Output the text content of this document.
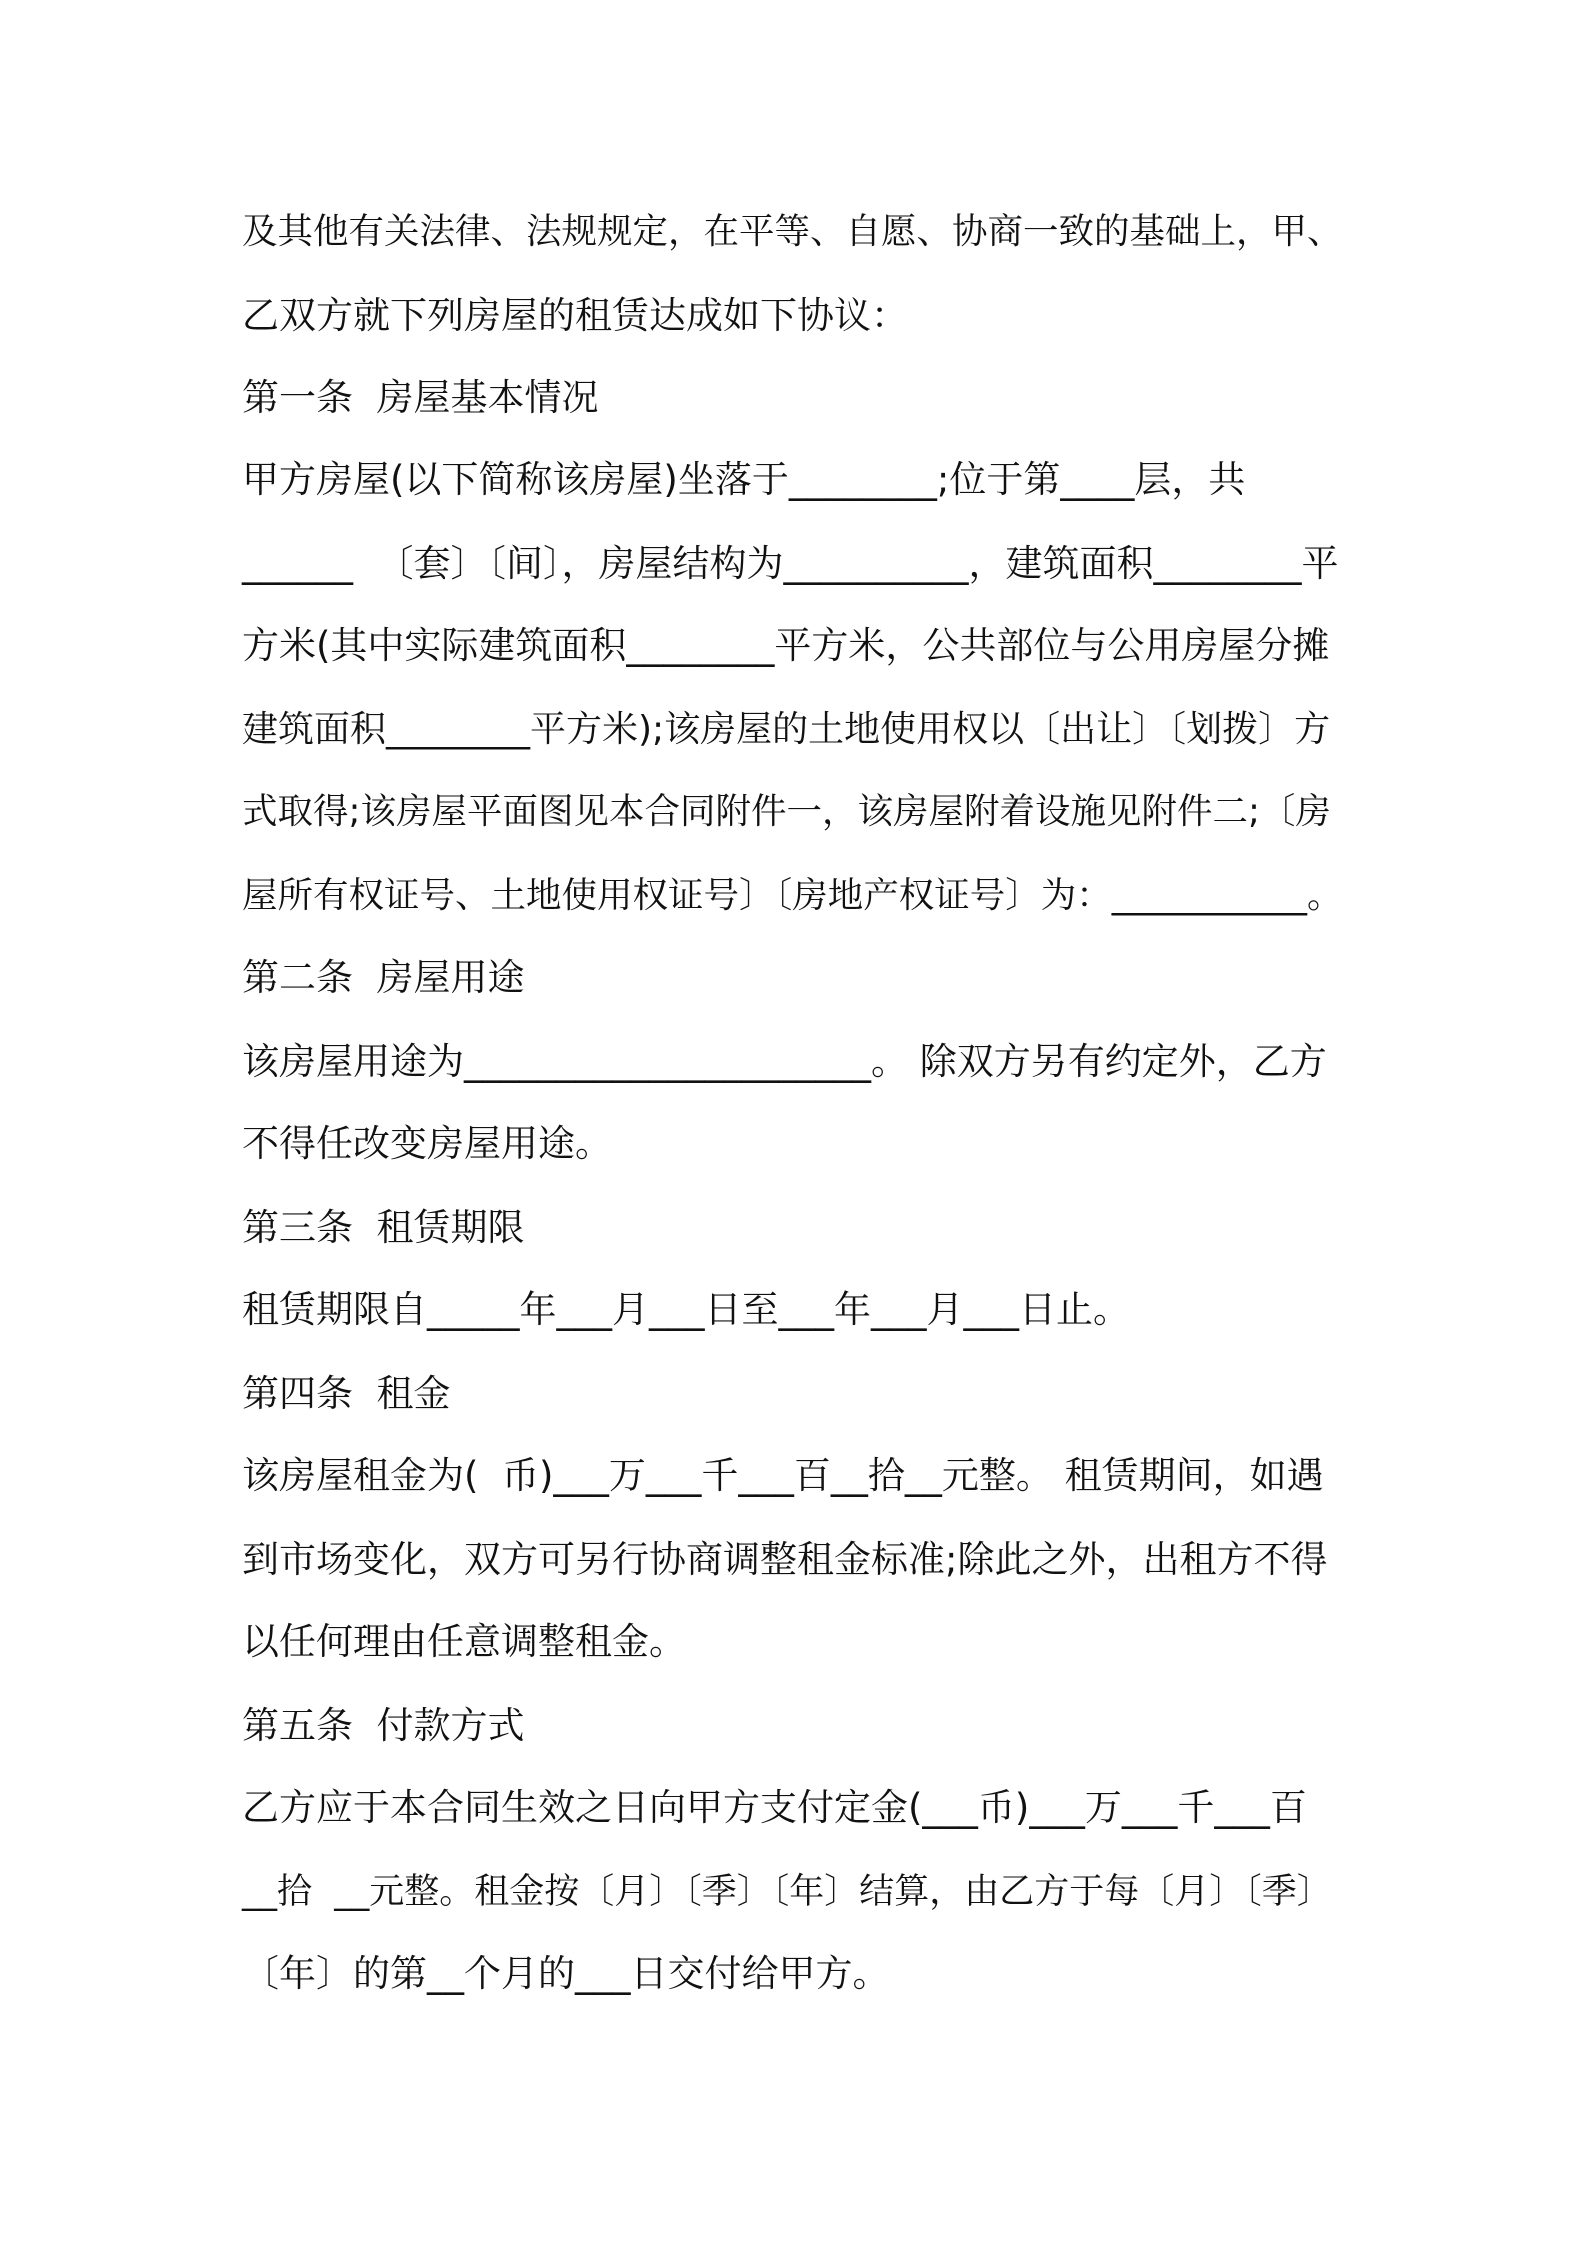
及其他有关法律、法规规定，在平等、自愿、协商一致的基础上，甲、

乙双方就下列房屋的租赁达成如下协议：

第一条  房屋基本情况

甲方房屋(以下简称该房屋)坐落于________;位于第____层，共

______  〔套〕〔间〕，房屋结构为__________，建筑面积________平

方米(其中实际建筑面积________平方米，公共部位与公用房屋分摊

建筑面积________平方米);该房屋的土地使用权以〔出让〕〔划拨〕方

式取得;该房屋平面图见本合同附件一，该房屋附着设施见附件二;〔房

屋所有权证号、土地使用权证号〕〔房地产权证号〕为：___________。

第二条  房屋用途

该房屋用途为______________________。 除双方另有约定外，乙方

不得任改变房屋用途。

第三条  租赁期限

租赁期限自_____年___月___日至___年___月___日止。

第四条  租金

该房屋租金为(  币)___万___千___百__拾__元整。 租赁期间，如遇

到市场变化，双方可另行协商调整租金标准;除此之外，出租方不得

以任何理由任意调整租金。

第五条  付款方式

乙方应于本合同生效之日向甲方支付定金(___币)___万___千___百

__拾  __元整。租金按〔月〕〔季〕〔年〕结算，由乙方于每〔月〕〔季〕

〔年〕的第__个月的___日交付给甲方。
